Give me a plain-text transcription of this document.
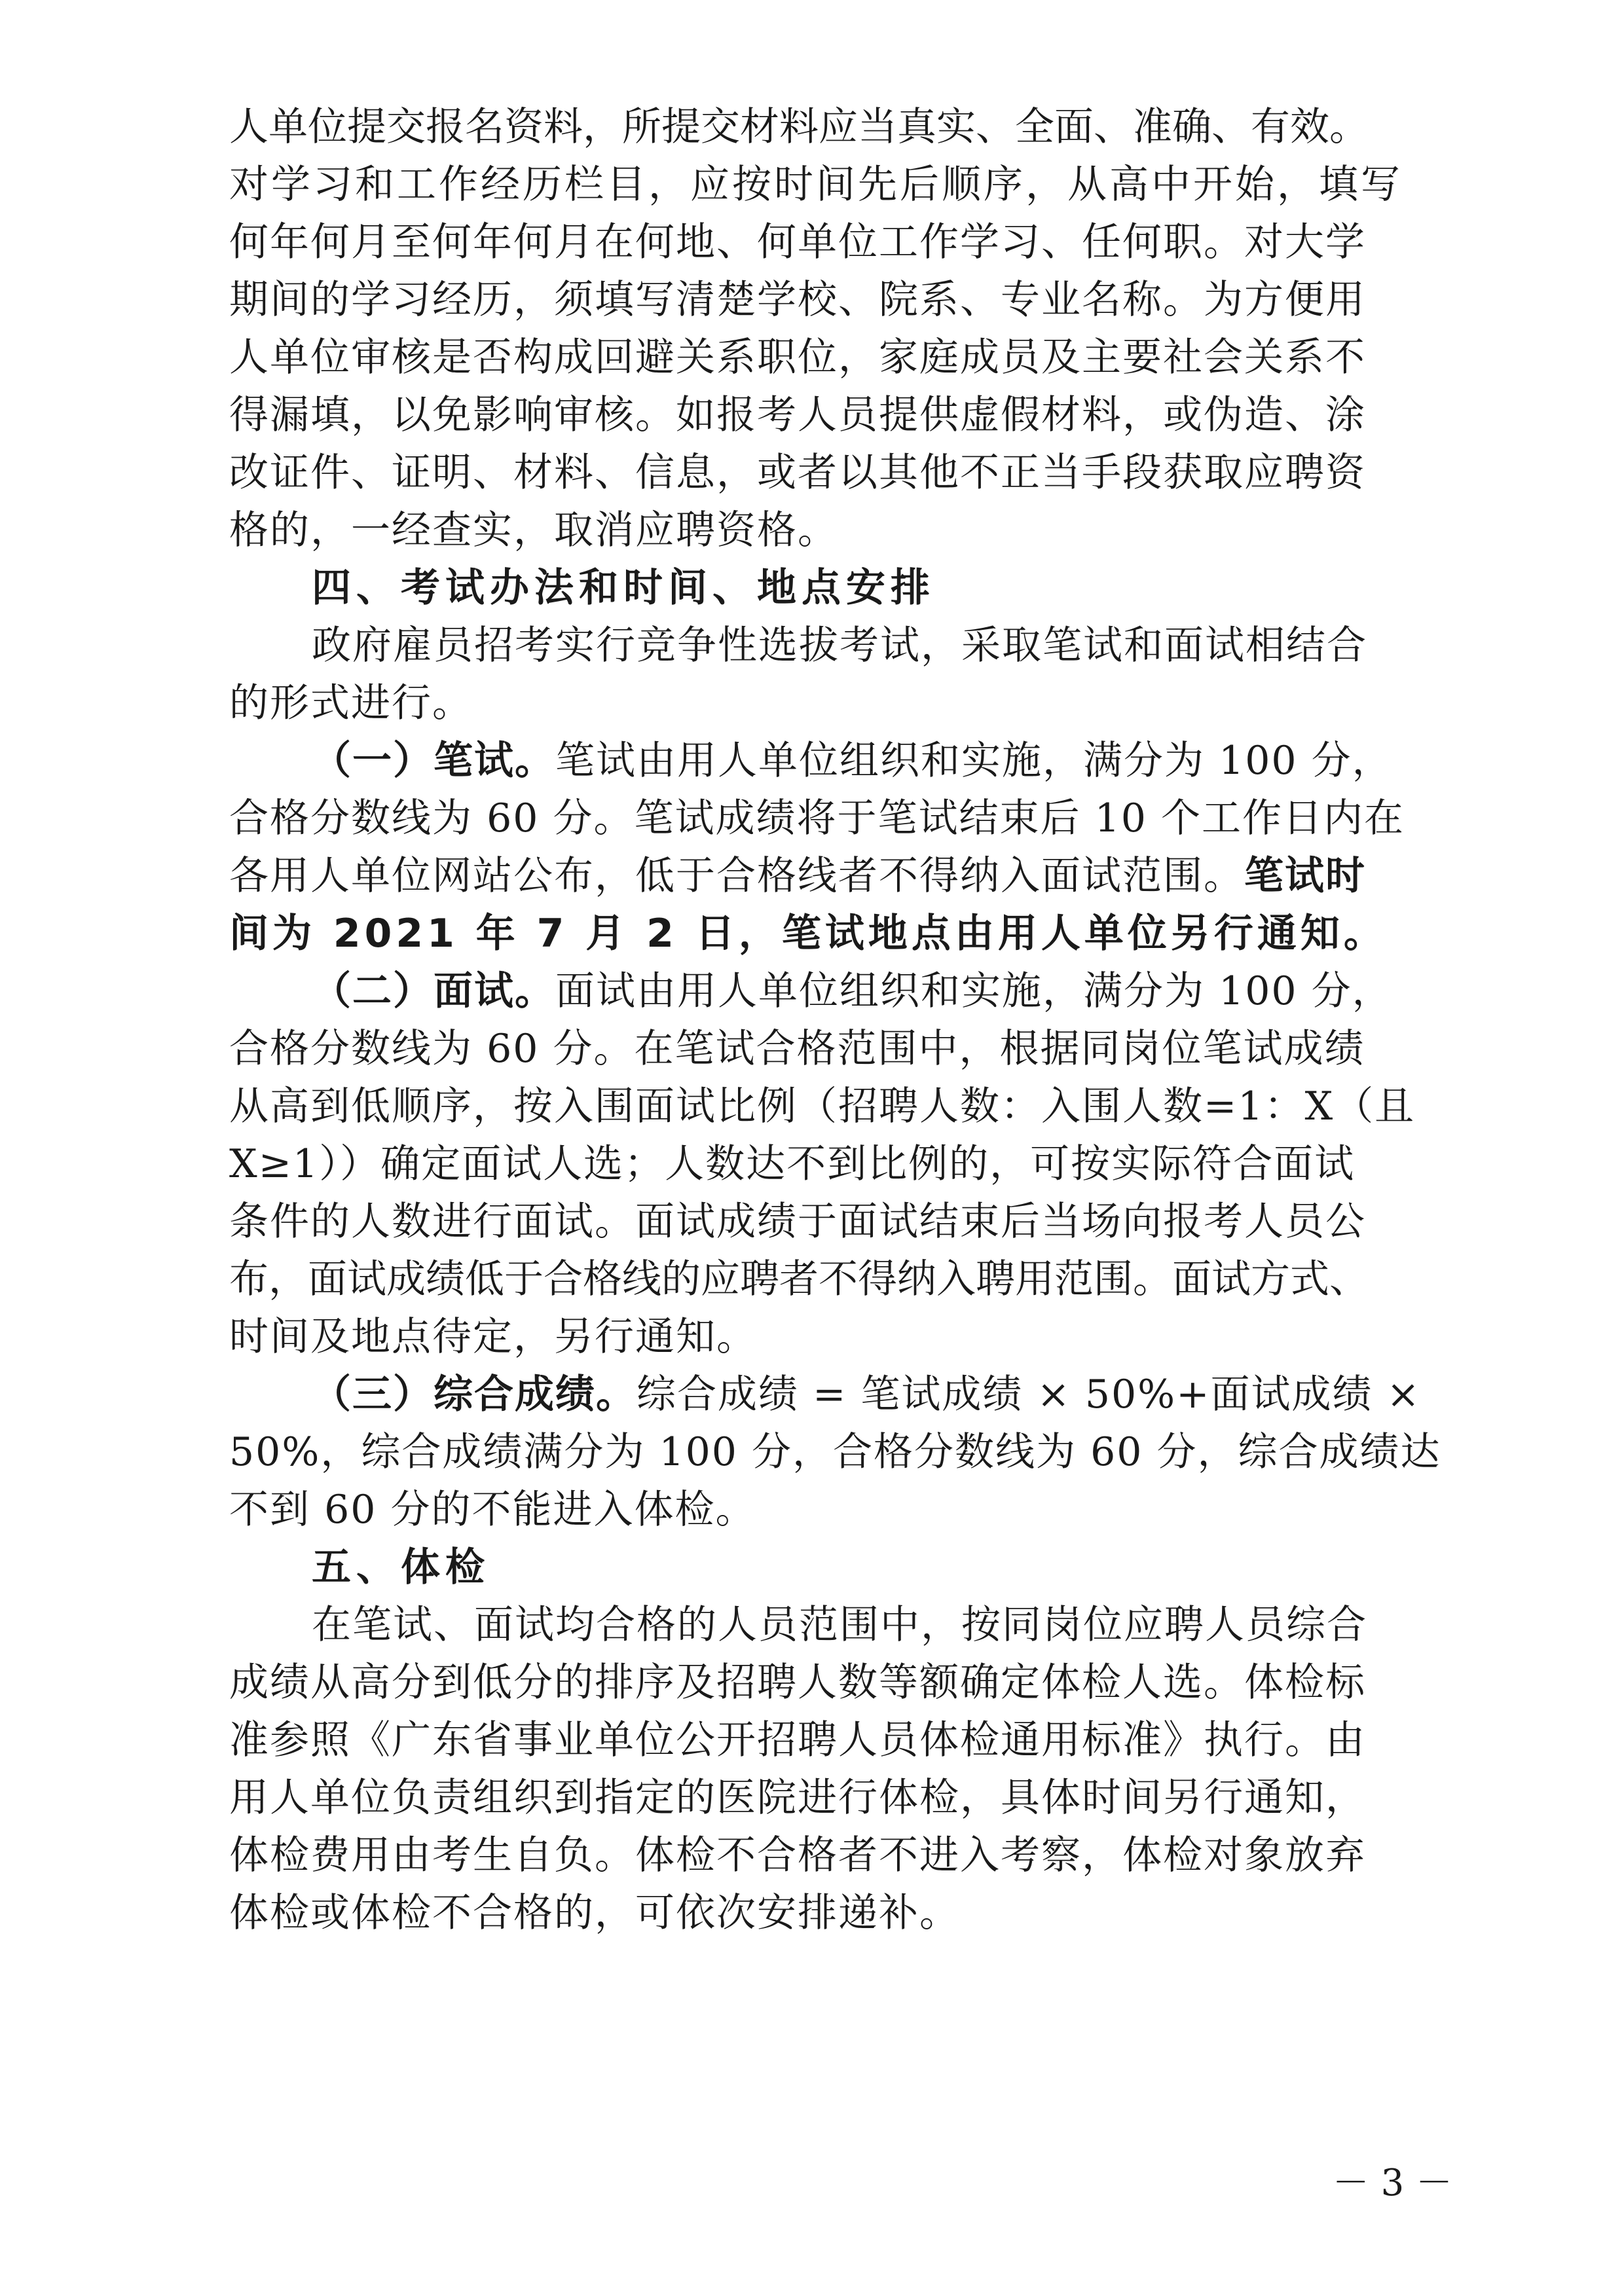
人单位提交报名资料，所提交材料应当真实、全面、准确、有效。
对学习和工作经历栏目，应按时间先后顺序，从高中开始，填写
何年何月至何年何月在何地、何单位工作学习、任何职。对大学
期间的学习经历，须填写清楚学校、院系、专业名称。为方便用
人单位审核是否构成回避关系职位，家庭成员及主要社会关系不
得漏填，以免影响审核。如报考人员提供虚假材料，或伪造、涂
改证件、证明、材料、信息，或者以其他不正当手段获取应聘资
格的，一经查实，取消应聘资格。
四、考试办法和时间、地点安排
政府雇员招考实行竞争性选拔考试，采取笔试和面试相结合
的形式进行。
（一）笔试。笔试由用人单位组织和实施，满分为 100 分，
合格分数线为 60 分。笔试成绩将于笔试结束后 10 个工作日内在
各用人单位网站公布，低于合格线者不得纳入面试范围。笔试时
间为 2021 年 7 月 2 日，笔试地点由用人单位另行通知。
（二）面试。面试由用人单位组织和实施，满分为 100 分，
合格分数线为 60 分。在笔试合格范围中，根据同岗位笔试成绩
从高到低顺序，按入围面试比例（招聘人数：入围人数=1：X（且
X≥1））确定面试人选；人数达不到比例的，可按实际符合面试
条件的人数进行面试。面试成绩于面试结束后当场向报考人员公
布，面试成绩低于合格线的应聘者不得纳入聘用范围。面试方式、
时间及地点待定，另行通知。
（三）综合成绩。综合成绩 = 笔试成绩 × 50%+面试成绩 ×
50%，综合成绩满分为 100 分，合格分数线为 60 分，综合成绩达
不到 60 分的不能进入体检。
五、体检
在笔试、面试均合格的人员范围中，按同岗位应聘人员综合
成绩从高分到低分的排序及招聘人数等额确定体检人选。体检标
准参照《广东省事业单位公开招聘人员体检通用标准》执行。由
用人单位负责组织到指定的医院进行体检，具体时间另行通知，
体检费用由考生自负。体检不合格者不进入考察，体检对象放弃
体检或体检不合格的，可依次安排递补。
－ 3 －
